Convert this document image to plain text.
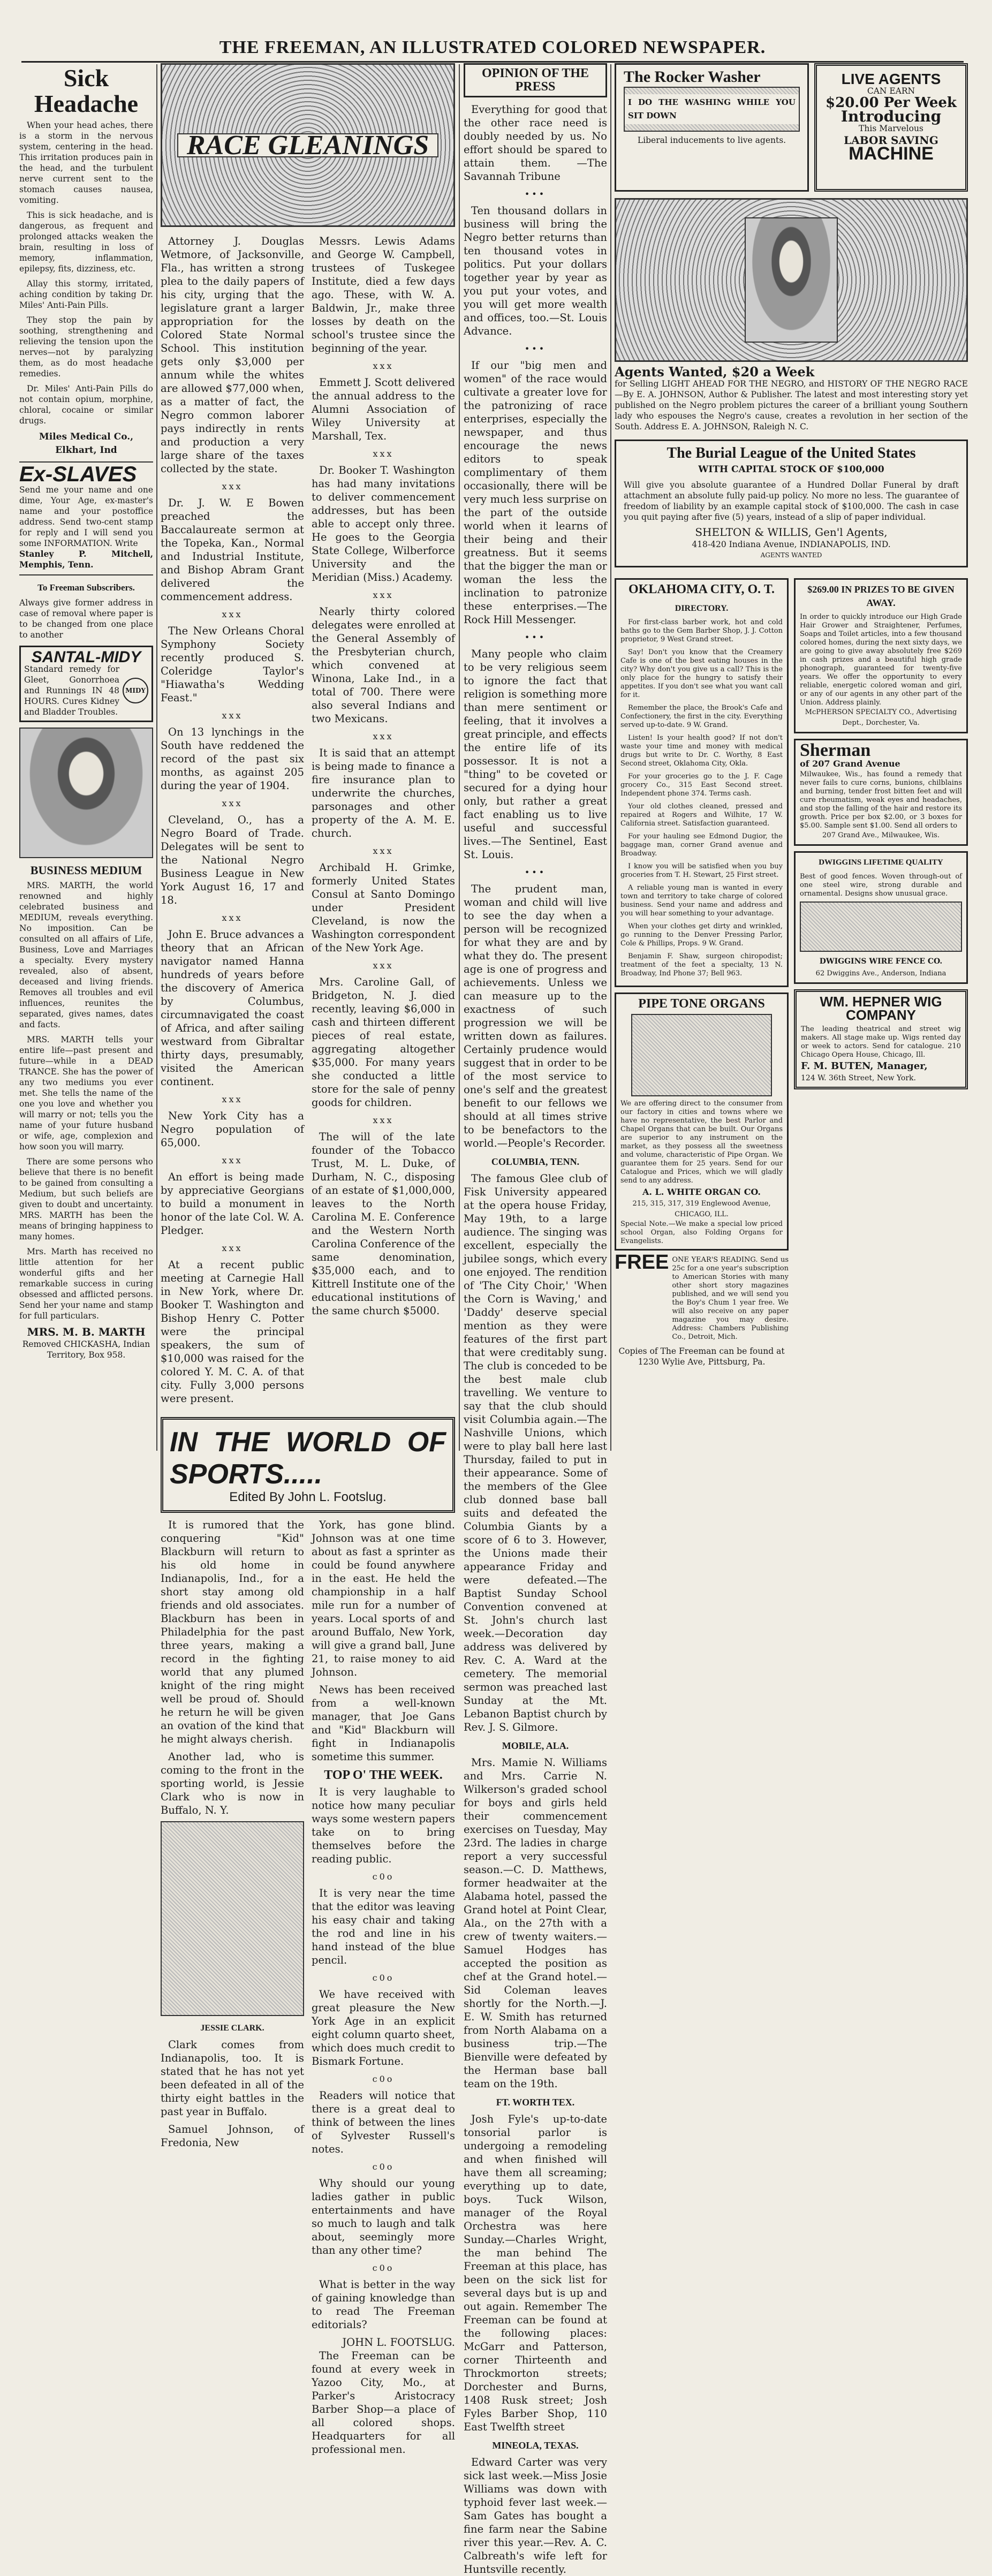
THE FREEMAN, AN ILLUSTRATED COLORED NEWSPAPER.
Sick Headache

When your head aches, there is a storm in the nervous system, centering in the head. This irritation produces pain in the head, and the turbulent nerve current sent to the stomach causes nausea, vomiting.

This is sick headache, and is dangerous, as frequent and prolonged attacks weaken the brain, resulting in loss of memory, inflammation, epilepsy, fits, dizziness, etc.

Allay this stormy, irritated, aching condition by taking Dr. Miles' Anti-Pain Pills.

They stop the pain by soothing, strengthening and relieving the tension upon the nerves—not by paralyzing them, as do most headache remedies.

Dr. Miles' Anti-Pain Pills do not contain opium, morphine, chloral, cocaine or similar drugs.

Miles Medical Co., Elkhart, Ind
Ex-SLAVES
Send me your name and one dime, Your Age, ex-master's name and your postoffice address. Send two-cent stamp for reply and I will send you some INFORMATION. Write
Stanley P. Mitchell, Memphis, Tenn.
To Freeman Subscribers.
Always give former address in case of removal where paper is to be changed from one place to another
SANTAL-MIDY
Standard remedy for Gleet, Gonorrhoea and Runnings IN 48 HOURS. Cures Kidney and Bladder Troubles.
MIDY
BUSINESS MEDIUM

MRS. MARTH, the world renowned and highly celebrated business and MEDIUM, reveals everything. No imposition. Can be consulted on all affairs of Life, Business, Love and Marriages a specialty. Every mystery revealed, also of absent, deceased and living friends. Removes all troubles and evil influences, reunites the separated, gives names, dates and facts.

MRS. MARTH tells your entire life—past present and future—while in a DEAD TRANCE. She has the power of any two mediums you ever met. She tells the name of the one you love and whether you will marry or not; tells you the name of your future husband or wife, age, complexion and how soon you will marry.

There are some persons who believe that there is no benefit to be gained from consulting a Medium, but such beliefs are given to doubt and uncertainty. MRS. MARTH has been the means of bringing happiness to many homes.

Mrs. Marth has received no little attention for her wonderful gifts and her remarkable success in curing obsessed and afflicted persons. Send her your name and stamp for full particulars.

MRS. M. B. MARTH
Removed CHICKASHA, Indian Territory, Box 958.
RACE GLEANINGS

Attorney J. Douglas Wetmore, of Jacksonville, Fla., has written a strong plea to the daily papers of his city, urging that the legislature grant a larger appropriation for the Colored State Normal School. This institution gets only $3,000 per annum while the whites are allowed $77,000 when, as a matter of fact, the Negro common laborer pays indirectly in rents and production a very large share of the taxes collected by the state.

xxx

Dr. J. W. E Bowen preached the Baccalaureate sermon at the Topeka, Kan., Normal and Industrial Institute, and Bishop Abram Grant delivered the commencement address.

xxx

The New Orleans Choral Symphony Society recently produced S. Coleridge Taylor's "Hiawatha's Wedding Feast."

xxx

On 13 lynchings in the South have reddened the record of the past six months, as against 205 during the year of 1904.

xxx

Cleveland, O., has a Negro Board of Trade. Delegates will be sent to the National Negro Business League in New York August 16, 17 and 18.

xxx

John E. Bruce advances a theory that an African navigator named Hanna hundreds of years before the discovery of America by Columbus, circumnavigated the coast of Africa, and after sailing westward from Gibraltar thirty days, presumably, visited the American continent.

xxx

New York City has a Negro population of 65,000.

xxx

An effort is being made by appreciative Georgians to build a monument in honor of the late Col. W. A. Pledger.

xxx

At a recent public meeting at Carnegie Hall in New York, where Dr. Booker T. Washington and Bishop Henry C. Potter were the principal speakers, the sum of $10,000 was raised for the colored Y. M. C. A. of that city. Fully 3,000 persons were present.

Messrs. Lewis Adams and George W. Campbell, trustees of Tuskegee Institute, died a few days ago. These, with W. A. Baldwin, Jr., make three losses by death on the school's trustee since the beginning of the year.

xxx

Emmett J. Scott delivered the annual address to the Alumni Association of Wiley University at Marshall, Tex.

xxx

Dr. Booker T. Washington has had many invitations to deliver commencement addresses, but has been able to accept only three. He goes to the Georgia State College, Wilberforce University and the Meridian (Miss.) Academy.

xxx

Nearly thirty colored delegates were enrolled at the General Assembly of the Presbyterian church, which convened at Winona, Lake Ind., in a total of 700. There were also several Indians and two Mexicans.

xxx

It is said that an attempt is being made to finance a fire insurance plan to underwrite the churches, parsonages and other property of the A. M. E. church.

xxx

Archibald H. Grimke, formerly United States Consul at Santo Domingo under President Cleveland, is now the Washington correspondent of the New York Age.

xxx

Mrs. Caroline Gall, of Bridgeton, N. J. died recently, leaving $6,000 in cash and thirteen different pieces of real estate, aggregating altogether $35,000. For many years she conducted a little store for the sale of penny goods for children.

xxx

The will of the late founder of the Tobacco Trust, M. L. Duke, of Durham, N. C., disposing of an estate of $1,000,000, leaves to the North Carolina M. E. Conference and the Western North Carolina Conference of the same denomination, $35,000 each, and to Kittrell Institute one of the educational institutions of the same church $5000.

IN THE WORLD OF SPORTS.....
Edited By John L. Footslug.

It is rumored that the conquering "Kid" Blackburn will return to his old home in Indianapolis, Ind., for a short stay among old friends and old associates. Blackburn has been in Philadelphia for the past three years, making a record in the fighting world that any plumed knight of the ring might well be proud of. Should he return he will be given an ovation of the kind that he might always cherish.

Another lad, who is coming to the front in the sporting world, is Jessie Clark who is now in Buffalo, N. Y.

JESSIE CLARK.

Clark comes from Indianapolis, too. It is stated that he has not yet been defeated in all of the thirty eight battles in the past year in Buffalo.

Samuel Johnson, of Fredonia, New

York, has gone blind. Johnson was at one time about as fast a sprinter as could be found anywhere in the east. He held the championship in a half mile run for a number of years. Local sports of and around Buffalo, New York, will give a grand ball, June 21, to raise money to aid Johnson.

News has been received from a well-known manager, that Joe Gans and "Kid" Blackburn will fight in Indianapolis sometime this summer.

TOP O' THE WEEK.

It is very laughable to notice how many peculiar ways some western papers take on to bring themselves before the reading public.

c0o

It is very near the time that the editor was leaving his easy chair and taking the rod and line in his hand instead of the blue pencil.

c0o

We have received with great pleasure the New York Age in an explicit eight column quarto sheet, which does much credit to Bismark Fortune.

c0o

Readers will notice that there is a great deal to think of between the lines of Sylvester Russell's notes.

c0o

Why should our young ladies gather in public entertainments and have so much to laugh and talk about, seemingly more than any other time?

c0o

What is better in the way of gaining knowledge than to read The Freeman editorials?

JOHN L. FOOTSLUG.

The Freeman can be found at every week in Yazoo City, Mo., at Parker's Aristocracy Barber Shop—a place of all colored shops. Headquarters for all professional men.

OPINION OF THE PRESS

Everything for good that the other race need is doubly needed by us. No effort should be spared to attain them. —The Savannah Tribune

•••

Ten thousand dollars in business will bring the Negro better returns than ten thousand votes in politics. Put your dollars together year by year as you put your votes, and you will get more wealth and offices, too.—St. Louis Advance.

•••

If our "big men and women" of the race would cultivate a greater love for the patronizing of race enterprises, especially the newspaper, and thus encourage the news editors to speak complimentary of them occasionally, there will be very much less surprise on the part of the outside world when it learns of their being and their greatness. But it seems that the bigger the man or woman the less the inclination to patronize these enterprises.—The Rock Hill Messenger.

•••

Many people who claim to be very religious seem to ignore the fact that religion is something more than mere sentiment or feeling, that it involves a great principle, and effects the entire life of its possessor. It is not a "thing" to be coveted or secured for a dying hour only, but rather a great fact enabling us to live useful and successful lives.—The Sentinel, East St. Louis.

•••

The prudent man, woman and child will live to see the day when a person will be recognized for what they are and by what they do. The present age is one of progress and achievements. Unless we can measure up to the exactness of such progression we will be written down as failures. Certainly prudence would suggest that in order to be of the most service to one's self and the greatest benefit to our fellows we should at all times strive to be benefactors to the world.—People's Recorder.

COLUMBIA, TENN.

The famous Glee club of Fisk University appeared at the opera house Friday, May 19th, to a large audience. The singing was excellent, especially the jubilee songs, which every one enjoyed. The rendition of 'The City Choir,' 'When the Corn is Waving,' and 'Daddy' deserve special mention as they were features of the first part that were creditably sung. The club is conceded to be the best male club travelling. We venture to say that the club should visit Columbia again.—The Nashville Unions, which were to play ball here last Thursday, failed to put in their appearance. Some of the members of the Glee club donned base ball suits and defeated the Columbia Giants by a score of 6 to 3. However, the Unions made their appearance Friday and were defeated.—The Baptist Sunday School Convention convened at St. John's church last week.—Decoration day address was delivered by Rev. C. A. Ward at the cemetery. The memorial sermon was preached last Sunday at the Mt. Lebanon Baptist church by Rev. J. S. Gilmore.

MOBILE, ALA.

Mrs. Mamie N. Williams and Mrs. Carrie N. Wilkerson's graded school for boys and girls held their commencement exercises on Tuesday, May 23rd. The ladies in charge report a very successful season.—C. D. Matthews, former headwaiter at the Alabama hotel, passed the Grand hotel at Point Clear, Ala., on the 27th with a crew of twenty waiters.—Samuel Hodges has accepted the position as chef at the Grand hotel.—Sid Coleman leaves shortly for the North.—J. E. W. Smith has returned from North Alabama on a business trip.—The Bienville were defeated by the Herman base ball team on the 19th.

FT. WORTH TEX.

Josh Fyle's up-to-date tonsorial parlor is undergoing a remodeling and when finished will have them all screaming; everything up to date, boys. Tuck Wilson, manager of the Royal Orchestra was here Sunday.—Charles Wright, the man behind The Freeman at this place, has been on the sick list for several days but is up and out again. Remember The Freeman can be found at the following places: McGarr and Patterson, corner Thirteenth and Throckmorton streets; Dorchester and Burns, 1408 Rusk street; Josh Fyles Barber Shop, 110 East Twelfth street

MINEOLA, TEXAS.

Edward Carter was very sick last week.—Miss Josie Williams was down with typhoid fever last week.—Sam Gates has bought a fine farm near the Sabine river this year.—Rev. A. C. Calbreath's wife left for Huntsville recently.

The Rocker Washer
I DO THE WASHING WHILE YOU SIT DOWN
Liberal inducements to live agents.
LIVE AGENTS
CAN EARN
$20.00 Per Week
Introducing
This Marvelous
LABOR SAVING
MACHINE
Agents Wanted, $20 a Week
for Selling LIGHT AHEAD FOR THE NEGRO, and HISTORY OF THE NEGRO RACE—By E. A. JOHNSON, Author & Publisher. The latest and most interesting story yet published on the Negro problem pictures the career of a brilliant young Southern lady who espouses the Negro's cause, creates a revolution in her section of the South. Address E. A. JOHNSON, Raleigh N. C.
The Burial League of the United States
WITH CAPITAL STOCK OF $100,000
Will give you absolute guarantee of a Hundred Dollar Funeral by draft attachment an absolute fully paid-up policy. No more no less. The guarantee of freedom of liability by an example capital stock of $100,000. The cash in case you quit paying after five (5) years, instead of a slip of paper individual.
SHELTON & WILLIS, Gen'l Agents,
418-420 Indiana Avenue, INDIANAPOLIS, IND.
AGENTS WANTED
OKLAHOMA CITY, O. T.
DIRECTORY.

For first-class barber work, hot and cold baths go to the Gem Barber Shop, J. J. Cotton proprietor, 9 West Grand street.

Say! Don't you know that the Creamery Cafe is one of the best eating houses in the city? Why don't you give us a call? This is the only place for the hungry to satisfy their appetites. If you don't see what you want call for it.

Remember the place, the Brook's Cafe and Confectionery, the first in the city. Everything served up-to-date. 9 W. Grand.

Listen! Is your health good? If not don't waste your time and money with medical drugs but write to Dr. C. Worthy, 8 East Second street, Oklahoma City, Okla.

For your groceries go to the J. F. Cage grocery Co., 315 East Second street. Independent phone 374. Terms cash.

Your old clothes cleaned, pressed and repaired at Rogers and Wilhite, 17 W. California street. Satisfaction guaranteed.

For your hauling see Edmond Dugior, the baggage man, corner Grand avenue and Broadway.

I know you will be satisfied when you buy groceries from T. H. Stewart, 25 First street.

A reliable young man is wanted in every town and territory to take charge of colored business. Send your name and address and you will hear something to your advantage.

When your clothes get dirty and wrinkled, go running to the Denver Pressing Parlor, Cole & Phillips, Props. 9 W. Grand.

Benjamin F. Shaw, surgeon chiropodist; treatment of the feet a specialty, 13 N. Broadway, Ind Phone 37; Bell 963.

PIPE TONE ORGANS
We are offering direct to the consumer from our factory in cities and towns where we have no representative, the best Parlor and Chapel Organs that can be built. Our Organs are superior to any instrument on the market, as they possess all the sweetness and volume, characteristic of Pipe Organ. We guarantee them for 25 years. Send for our Catalogue and Prices, which we will gladly send to any address.
A. L. WHITE ORGAN CO.
215, 315, 317, 319 Englewood Avenue, CHICAGO, ILL.
Special Note.—We make a special low priced school Organ, also Folding Organs for Evangelists.
FREE ONE YEAR'S READING. Send us 25c for a one year's subscription to American Stories with many other short story magazines published, and we will send you the Boy's Chum 1 year free. We will also receive on any paper magazine you may desire. Address: Chambers Publishing Co., Detroit, Mich.
Copies of The Freeman can be found at 1230 Wylie Ave, Pittsburg, Pa.
$269.00 IN PRIZES TO BE GIVEN AWAY.
In order to quickly introduce our High Grade Hair Grower and Straightener, Perfumes, Soaps and Toilet articles, into a few thousand colored homes, during the next sixty days, we are going to give away absolutely free $269 in cash prizes and a beautiful high grade phonograph, guaranteed for twenty-five years. We offer the opportunity to every reliable, energetic colored woman and girl, or any of our agents in any other part of the Union. Address plainly.
McPHERSON SPECIALTY CO., Advertising Dept., Dorchester, Va.
Sherman
of 207 Grand Avenue
Milwaukee, Wis., has found a remedy that never fails to cure corns, bunions, chilblains and burning, tender frost bitten feet and will cure rheumatism, weak eyes and headaches, and stop the falling of the hair and restore its growth. Price per box $2.00, or 3 boxes for $5.00. Sample sent $1.00. Send all orders to
207 Grand Ave., Milwaukee, Wis.
DWIGGINS LIFETIME QUALITY
Best of good fences. Woven through-out of one steel wire, strong durable and ornamental. Designs show unusual grace.
DWIGGINS WIRE FENCE CO.
62 Dwiggins Ave., Anderson, Indiana
WM. HEPNER WIG COMPANY
The leading theatrical and street wig makers. All stage make up. Wigs rented day or week to actors. Send for catalogue. 210 Chicago Opera House, Chicago, Ill.
F. M. BUTEN, Manager,
124 W. 36th Street, New York.
